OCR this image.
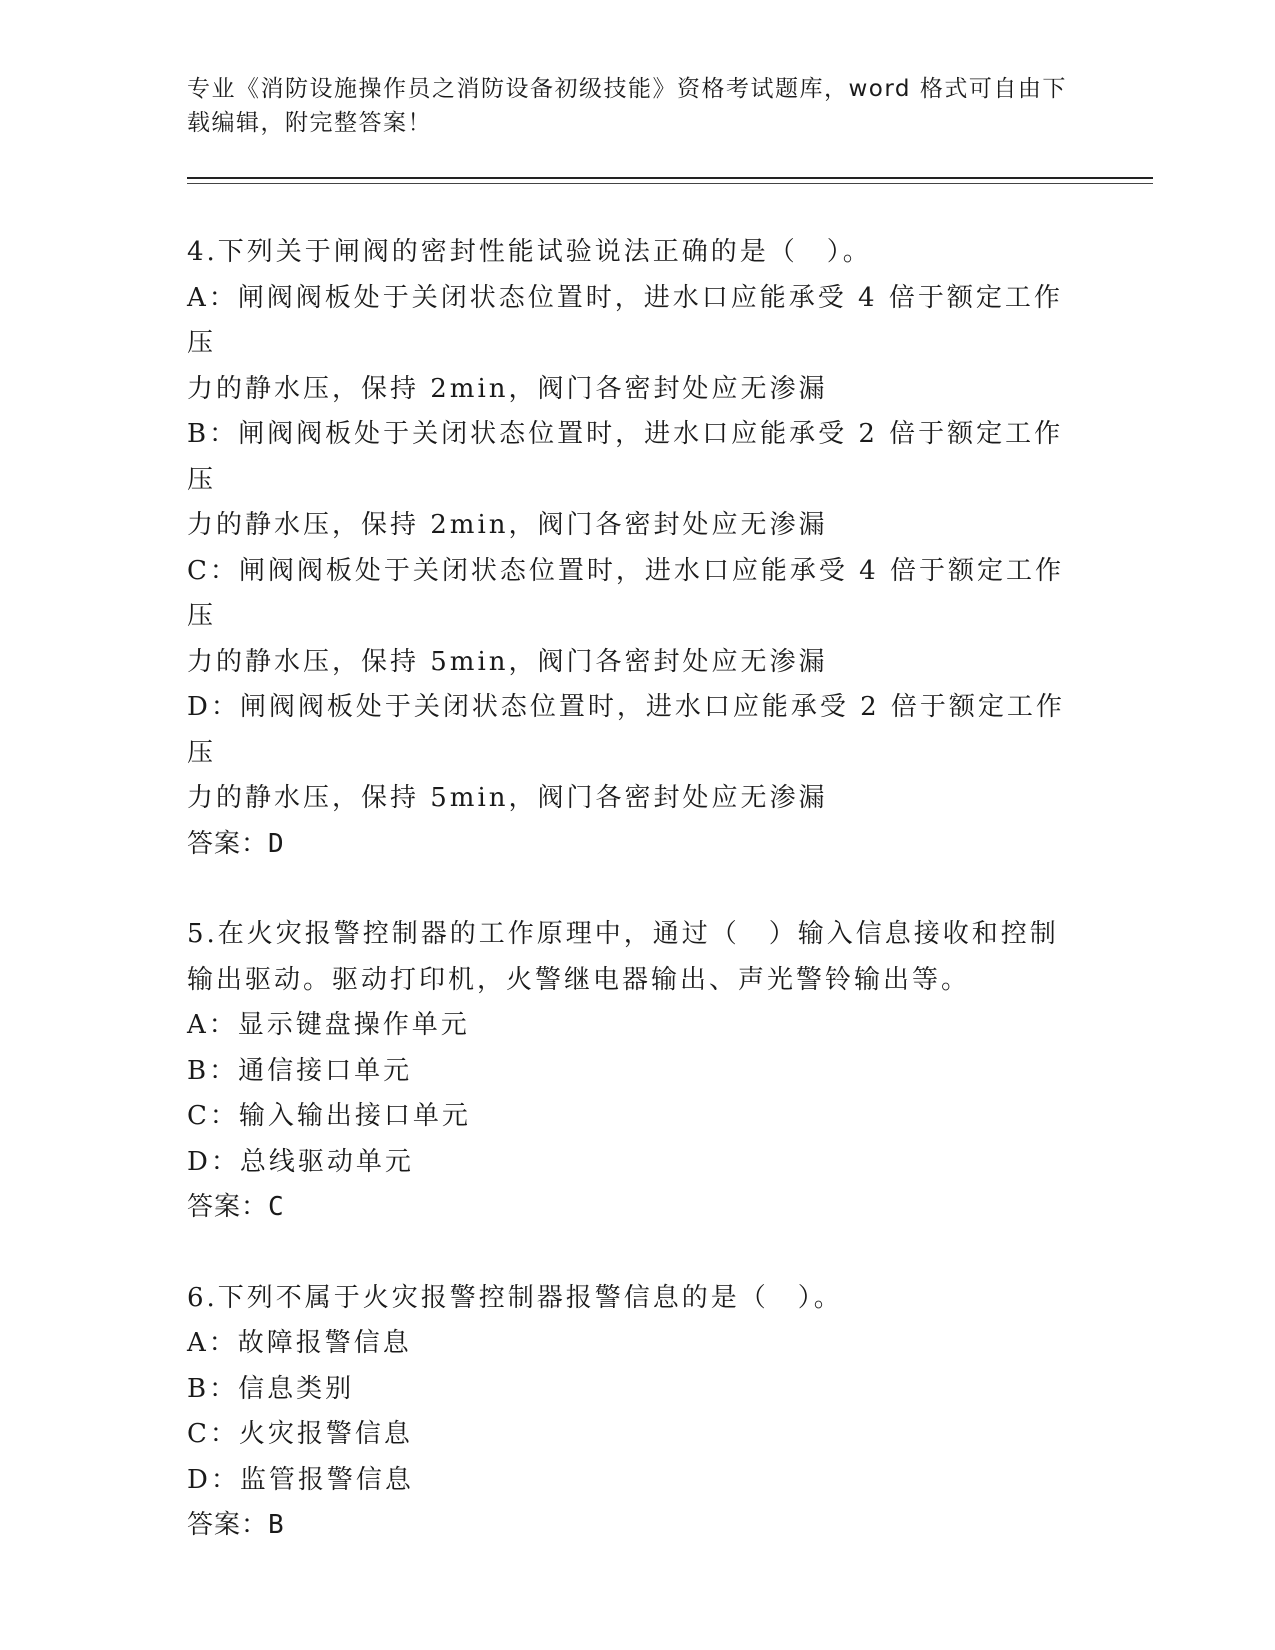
专业《消防设施操作员之消防设备初级技能》资格考试题库，word 格式可自由下
载编辑，附完整答案！

4.下列关于闸阀的密封性能试验说法正确的是（　）。

A：闸阀阀板处于关闭状态位置时，进水口应能承受 4 倍于额定工作压

力的静水压，保持 2min，阀门各密封处应无渗漏

B：闸阀阀板处于关闭状态位置时，进水口应能承受 2 倍于额定工作压

力的静水压，保持 2min，阀门各密封处应无渗漏

C：闸阀阀板处于关闭状态位置时，进水口应能承受 4 倍于额定工作压

力的静水压，保持 5min，阀门各密封处应无渗漏

D：闸阀阀板处于关闭状态位置时，进水口应能承受 2 倍于额定工作压

力的静水压，保持 5min，阀门各密封处应无渗漏

答案：D

5.在火灾报警控制器的工作原理中，通过（　）输入信息接收和控制

输出驱动。驱动打印机，火警继电器输出、声光警铃输出等。

A：显示键盘操作单元

B：通信接口单元

C：输入输出接口单元

D：总线驱动单元

答案：C

6.下列不属于火灾报警控制器报警信息的是（　）。

A：故障报警信息

B：信息类别

C：火灾报警信息

D：监管报警信息

答案：B
